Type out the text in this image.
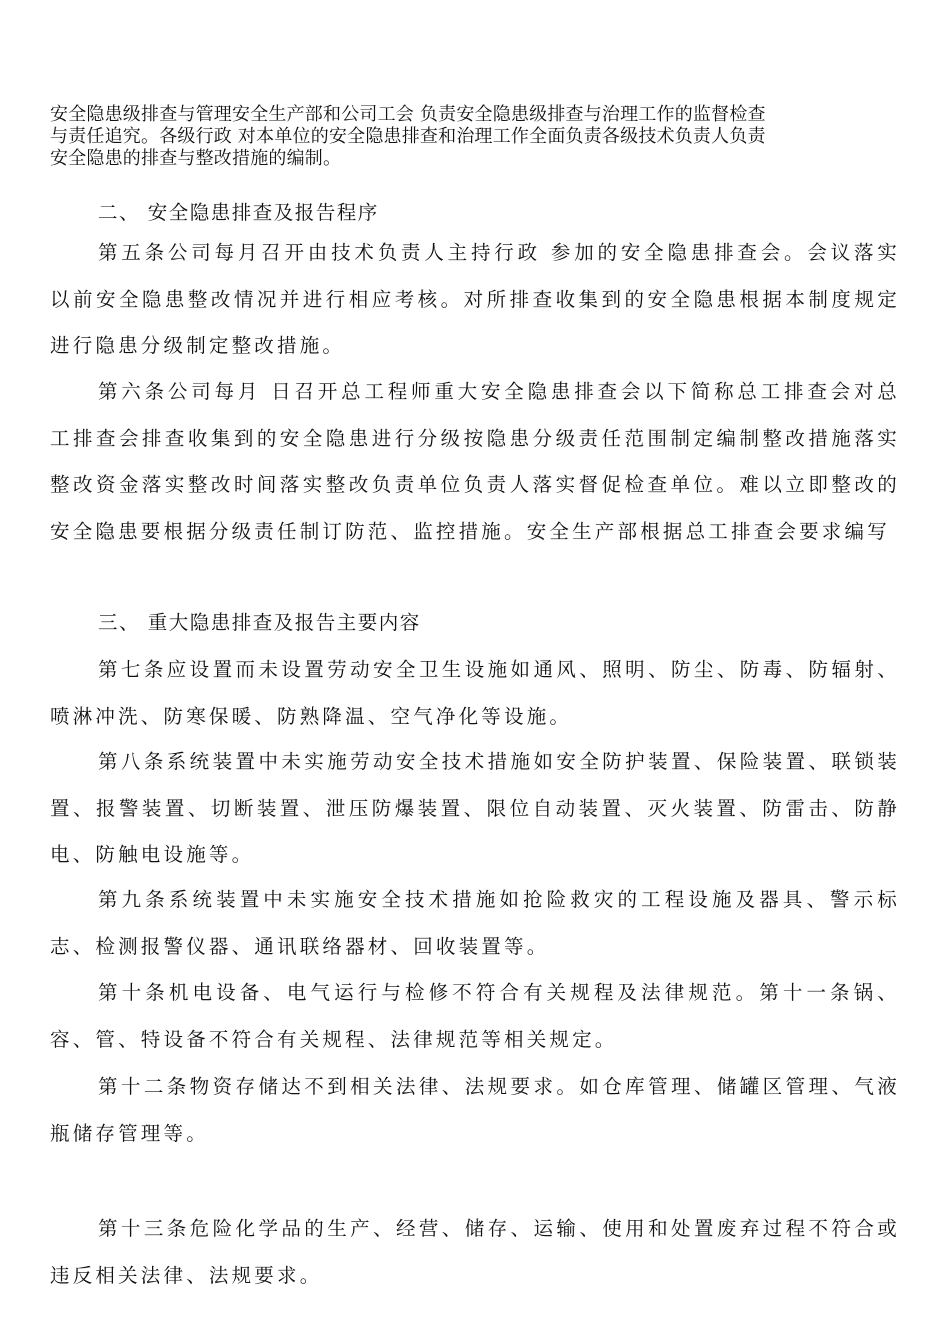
安全隐患级排查与管理安全生产部和公司工会 负责安全隐患级排查与治理工作的监督检查与责任追究。各级行政 对本单位的安全隐患排查和治理工作全面负责各级技术负责人负责安全隐患的排查与整改措施的编制。

二、 安全隐患排查及报告程序

第五条公司每月召开由技术负责人主持行政 参加的安全隐患排查会。会议落实以前安全隐患整改情况并进行相应考核。对所排查收集到的安全隐患根据本制度规定进行隐患分级制定整改措施。

第六条公司每月 日召开总工程师重大安全隐患排查会以下简称总工排查会对总工排查会排查收集到的安全隐患进行分级按隐患分级责任范围制定编制整改措施落实整改资金落实整改时间落实整改负责单位负责人落实督促检查单位。难以立即整改的安全隐患要根据分级责任制订防范、监控措施。安全生产部根据总工排查会要求编写

三、 重大隐患排查及报告主要内容

第七条应设置而未设置劳动安全卫生设施如通风、照明、防尘、防毒、防辐射、喷淋冲洗、防寒保暖、防熟降温、空气净化等设施。

第八条系统装置中未实施劳动安全技术措施如安全防护装置、保险装置、联锁装置、报警装置、切断装置、泄压防爆装置、限位自动装置、灭火装置、防雷击、防静电、防触电设施等。

第九条系统装置中未实施安全技术措施如抢险救灾的工程设施及器具、警示标志、检测报警仪器、通讯联络器材、回收装置等。

第十条机电设备、电气运行与检修不符合有关规程及法律规范。第十一条锅、容、管、特设备不符合有关规程、法律规范等相关规定。

第十二条物资存储达不到相关法律、法规要求。如仓库管理、储罐区管理、气液瓶储存管理等。

第十三条危险化学品的生产、经营、储存、运输、使用和处置废弃过程不符合或违反相关法律、法规要求。
